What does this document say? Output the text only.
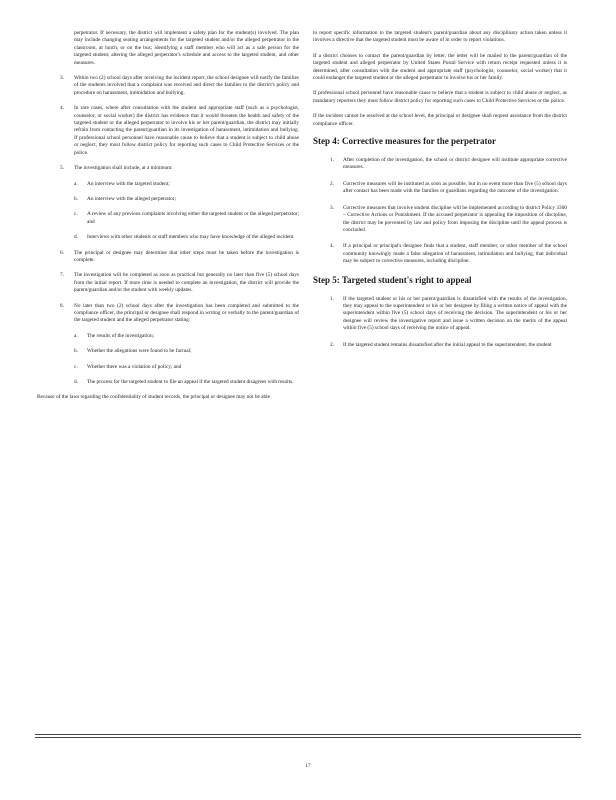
perpetrator. If necessary, the district will implement a safety plan for the student(s) involved. The plan may include changing seating arrangements for the targeted student and/or the alleged perpetrator in the classroom, at lunch, or on the bus; identifying a staff member who will act as a safe person for the targeted student; altering the alleged perpetrator's schedule and access to the targeted student, and other measures.

3. Within two (2) school days after receiving the incident report, the school designee will notify the families of the students involved that a complaint was received and direct the families to the district's policy and procedure on harassment, intimidation and bullying.
4. In rare cases, where after consultation with the student and appropriate staff (such as a psychologist, counselor, or social worker) the district has evidence that it would threaten the health and safety of the targeted student or the alleged perpetrator to involve his or her parent/guardian, the district may initially refrain from contacting the parent/guardian in its investigation of harassment, intimidation and bullying. If professional school personnel have reasonable cause to believe that a student is subject to child abuse or neglect, they must follow district policy for reporting such cases to Child Protective Services or the police.
5. The investigation shall include, at a minimum:
a. An interview with the targeted student;
b. An interview with the alleged perpetrator;
c. A review of any previous complaints involving either the targeted student or the alleged perpetrator; and
d. Interviews with other students or staff members who may have knowledge of the alleged incident.
6. The principal or designee may determine that other steps must be taken before the investigation is complete.
7. The investigation will be completed as soon as practical but generally no later than five (5) school days from the initial report. If more time is needed to complete an investigation, the district will provide the parent/guardian and/or the student with weekly updates.
8. No later than two (2) school days after the investigation has been completed and submitted to the compliance officer, the principal or designee shall respond in writing or verbally to the parent/guardian of the targeted student and the alleged perpetrator stating:
a. The results of the investigation;
b. Whether the allegations were found to be factual;
c. Whether there was a violation of policy; and
d. The process for the targeted student to file an appeal if the targeted student disagrees with results.

Because of the laws regarding the confidentiality of student records, the principal or designee may not be able

to report specific information to the targeted student's parent/guardian about any disciplinary action taken unless it involves a directive that the targeted student must be aware of in order to report violations.

If a district chooses to contact the parent/guardian by letter, the letter will be mailed to the parent/guardian of the targeted student and alleged perpetrator by United States Postal Service with return receipt requested unless it is determined, after consultation with the student and appropriate staff (psychologist, counselor, social worker) that it could endanger the targeted student or the alleged perpetrator to involve his or her family.

If professional school personnel have reasonable cause to believe that a student is subject to child abuse or neglect, as mandatory reporters they must follow district policy for reporting such cases to Child Protective Services or the police.

If the incident cannot be resolved at the school level, the principal or designee shall request assistance from the district compliance officer.

Step 4: Corrective measures for the perpetrator
1. After completion of the investigation, the school or district designee will institute appropriate corrective measures.
2. Corrective measures will be instituted as soon as possible, but in no event more than five (5) school days after contact has been made with the families or guardians regarding the outcome of the investigation.
3. Corrective measures that involve student discipline will be implemented according to district Policy 3300 – Corrective Actions or Punishment. If the accused perpetrator is appealing the imposition of discipline, the district may be prevented by law and policy from imposing the discipline until the appeal process is concluded.
4. If a principal or principal's designee finds that a student, staff member, or other member of the school community knowingly made a false allegation of harassment, intimidation and bullying, that individual may be subject to corrective measures, including discipline.
Step 5: Targeted student's right to appeal
1. If the targeted student or his or her parent/guardian is dissatisfied with the results of the investigation, they may appeal to the superintendent or his or her designee by filing a written notice of appeal with the superintendent within five (5) school days of receiving the decision. The superintendent or his or her designee will review the investigative report and issue a written decision on the merits of the appeal within five (5) school days of receiving the notice of appeal.
2. If the targeted student remains dissatisfied after the initial appeal to the superintendent, the student
17
